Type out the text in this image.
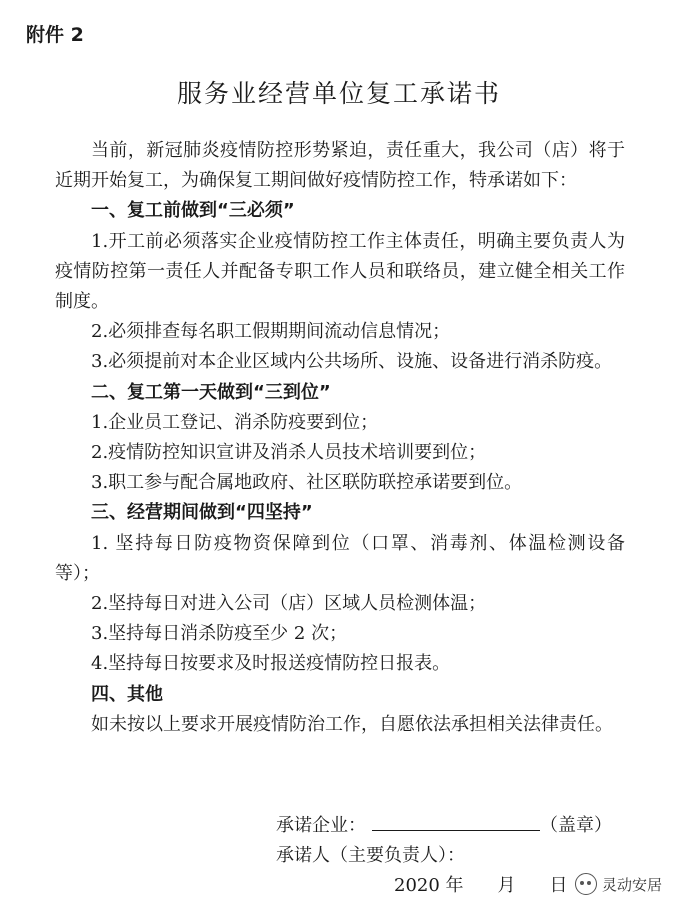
附件 2
服务业经营单位复工承诺书

当前，新冠肺炎疫情防控形势紧迫，责任重大，我公司（店）将于近期开始复工，为确保复工期间做好疫情防控工作，特承诺如下：

一、复工前做到“三必须”

1.开工前必须落实企业疫情防控工作主体责任，明确主要负责人为疫情防控第一责任人并配备专职工作人员和联络员，建立健全相关工作制度。

2.必须排查每名职工假期期间流动信息情况；

3.必须提前对本企业区域内公共场所、设施、设备进行消杀防疫。

二、复工第一天做到“三到位”

1.企业员工登记、消杀防疫要到位；

2.疫情防控知识宣讲及消杀人员技术培训要到位；

3.职工参与配合属地政府、社区联防联控承诺要到位。

三、经营期间做到“四坚持”

1. 坚持每日防疫物资保障到位（口罩、消毒剂、体温检测设备等）；

2.坚持每日对进入公司（店）区域人员检测体温；

3.坚持每日消杀防疫至少 2 次；

4.坚持每日按要求及时报送疫情防控日报表。

四、其他

如未按以上要求开展疫情防治工作，自愿依法承担相关法律责任。

承诺企业：	（盖章）
承诺人（主要负责人）：
2020 年 月 日	灵动安居
